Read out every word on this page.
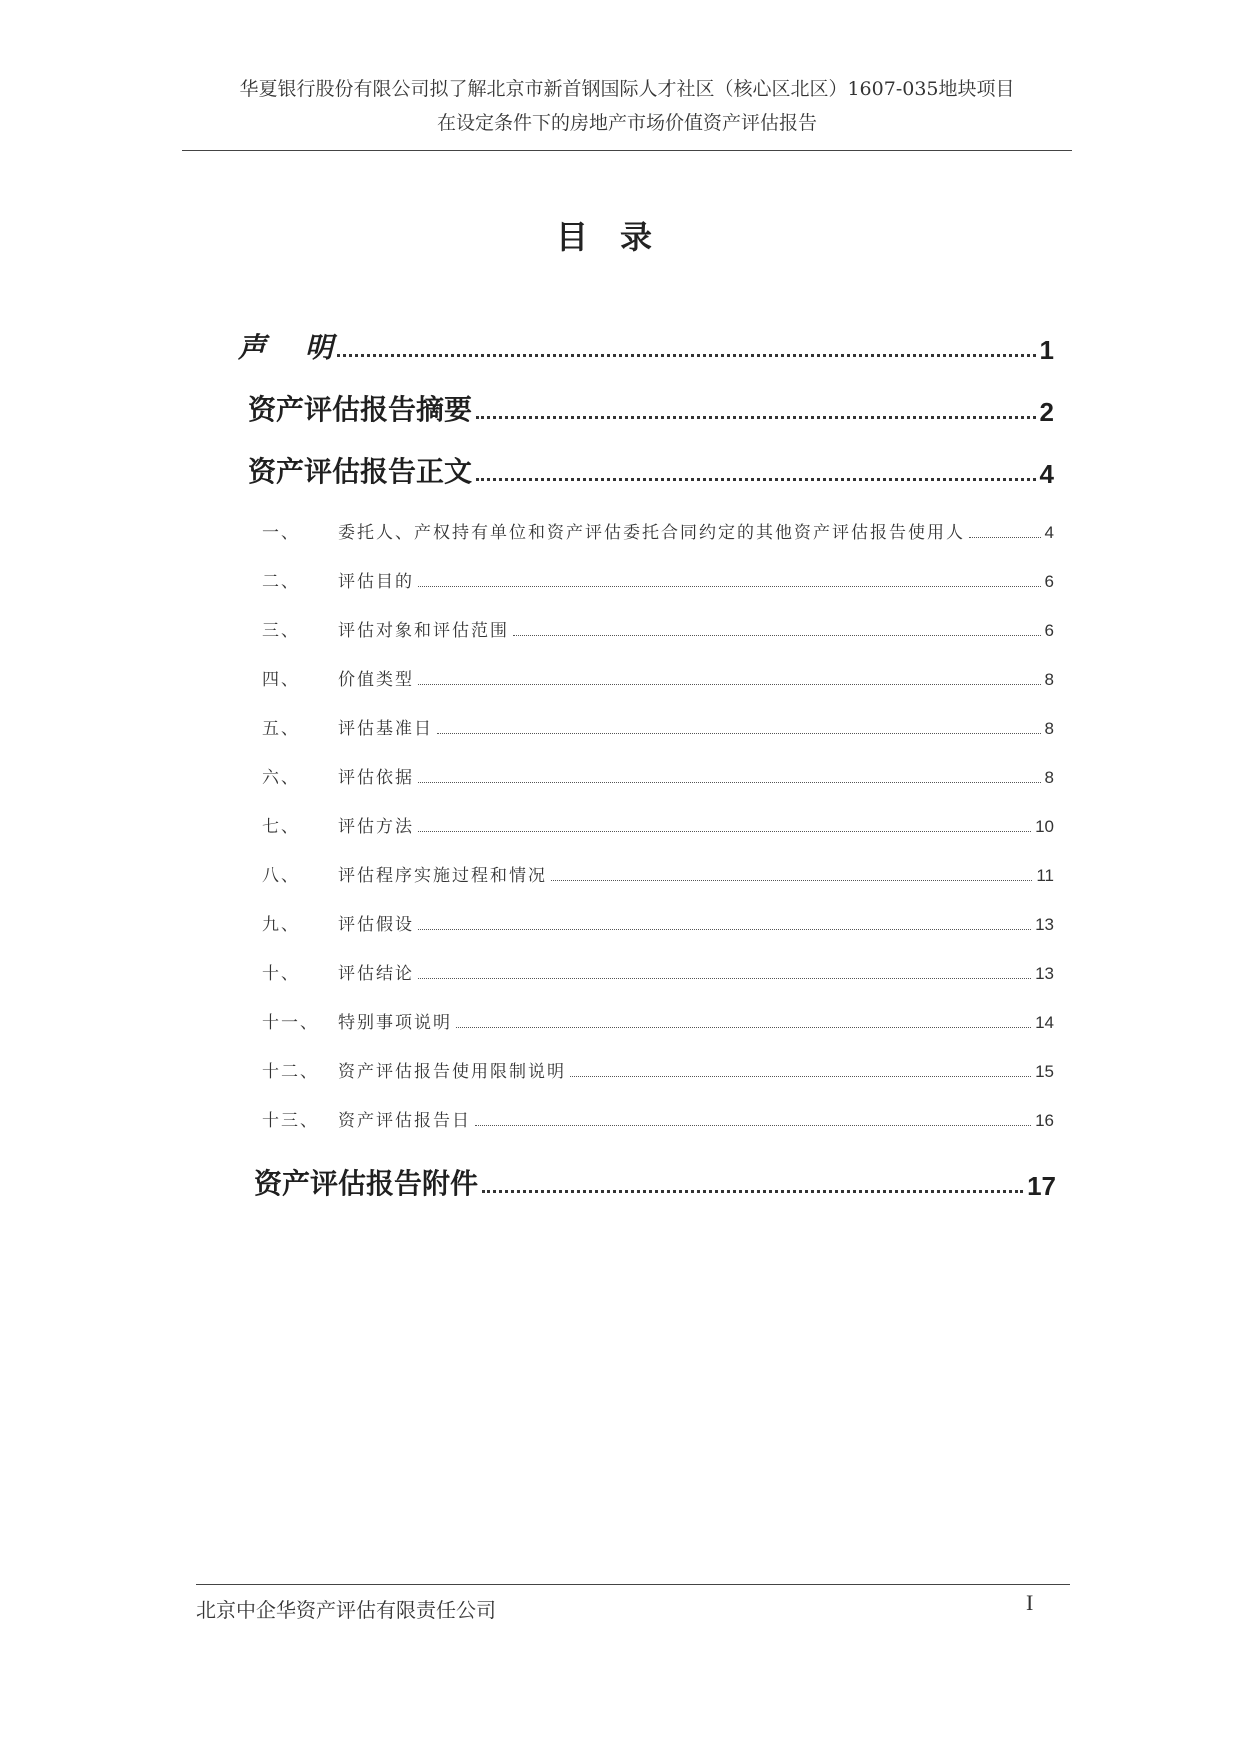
华夏银行股份有限公司拟了解北京市新首钢国际人才社区（核心区北区）1607-035地块项目
在设定条件下的房地产市场价值资产评估报告
目录
声    明	1
资产评估报告摘要	2
资产评估报告正文	4
一、	委托人、产权持有单位和资产评估委托合同约定的其他资产评估报告使用人	4
二、	评估目的	6
三、	评估对象和评估范围	6
四、	价值类型	8
五、	评估基准日	8
六、	评估依据	8
七、	评估方法	10
八、	评估程序实施过程和情况	11
九、	评估假设	13
十、	评估结论	13
十一、	特别事项说明	14
十二、	资产评估报告使用限制说明	15
十三、	资产评估报告日	16
资产评估报告附件	17
北京中企华资产评估有限责任公司	I
